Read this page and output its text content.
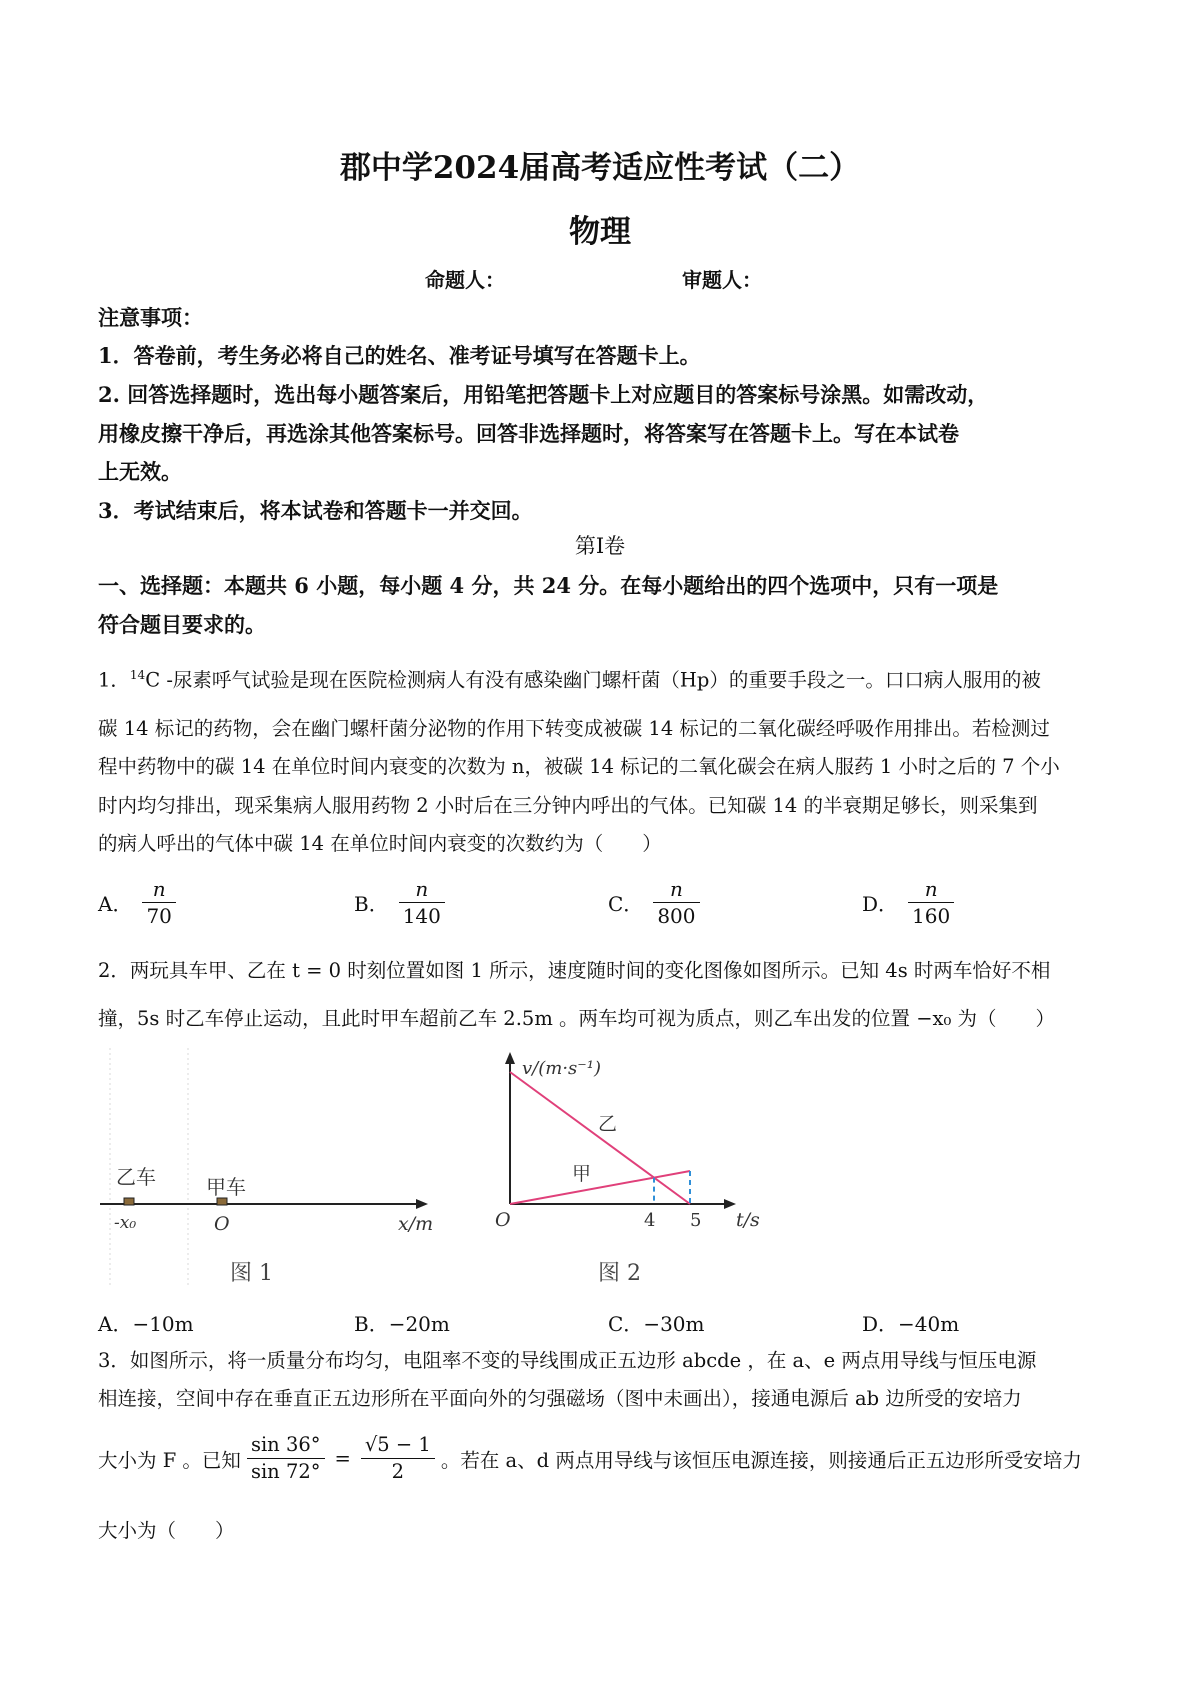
郡中学2024届高考适应性考试（二）
物理
命题人：	审题人：
注意事项：
1．答卷前，考生务必将自己的姓名、准考证号填写在答题卡上。
2. 回答选择题时，选出每小题答案后，用铅笔把答题卡上对应题目的答案标号涂黑。如需改动，
用橡皮擦干净后，再选涂其他答案标号。回答非选择题时，将答案写在答题卡上。写在本试卷
上无效。
3．考试结束后，将本试卷和答题卡一并交回。
第Ⅰ卷
一、选择题：本题共 6 小题，每小题 4 分，共 24 分。在每小题给出的四个选项中，只有一项是
符合题目要求的。
1．$^{14}$C -尿素呼气试验是现在医院检测病人有没有感染幽门螺杆菌（Hp）的重要手段之一。口口病人服用的被
碳 14 标记的药物，会在幽门螺杆菌分泌物的作用下转变成被碳 14 标记的二氧化碳经呼吸作用排出。若检测过
程中药物中的碳 14 在单位时间内衰变的次数为 n，被碳 14 标记的二氧化碳会在病人服药 1 小时之后的 7 个小
时内均匀排出，现采集病人服用药物 2 小时后在三分钟内呼出的气体。已知碳 14 的半衰期足够长，则采集到
的病人呼出的气体中碳 14 在单位时间内衰变的次数约为（　　）
A． $\frac{n}{70}$	B． $\frac{n}{140}$	C． $\frac{n}{800}$	D． $\frac{n}{160}$
2．两玩具车甲、乙在 t = 0 时刻位置如图 1 所示，速度随时间的变化图像如图所示。已知 4s 时两车恰好不相
撞，5s 时乙车停止运动，且此时甲车超前乙车 2.5m 。两车均可视为质点，则乙车出发的位置 −x₀ 为（　　）
乙车	甲车
-x₀	O	x/m
图 1
v/(m·s⁻¹)
t/s
O	4 5
乙
甲
图 2
A．−10m	B．−20m	C．−30m	D．−40m
3．如图所示，将一质量分布均匀，电阻率不变的导线围成正五边形 abcde ，在 a、e 两点用导线与恒压电源
相连接，空间中存在垂直正五边形所在平面向外的匀强磁场（图中未画出），接通电源后 ab 边所受的安培力
大小为 F 。已知 $\frac{\sin 36^\circ}{\sin 72^\circ} = \frac{√5 - 1}{2}$ 。若在 a、d 两点用导线与该恒压电源连接，则接通后正五边形所受安培力
大小为（　　）
